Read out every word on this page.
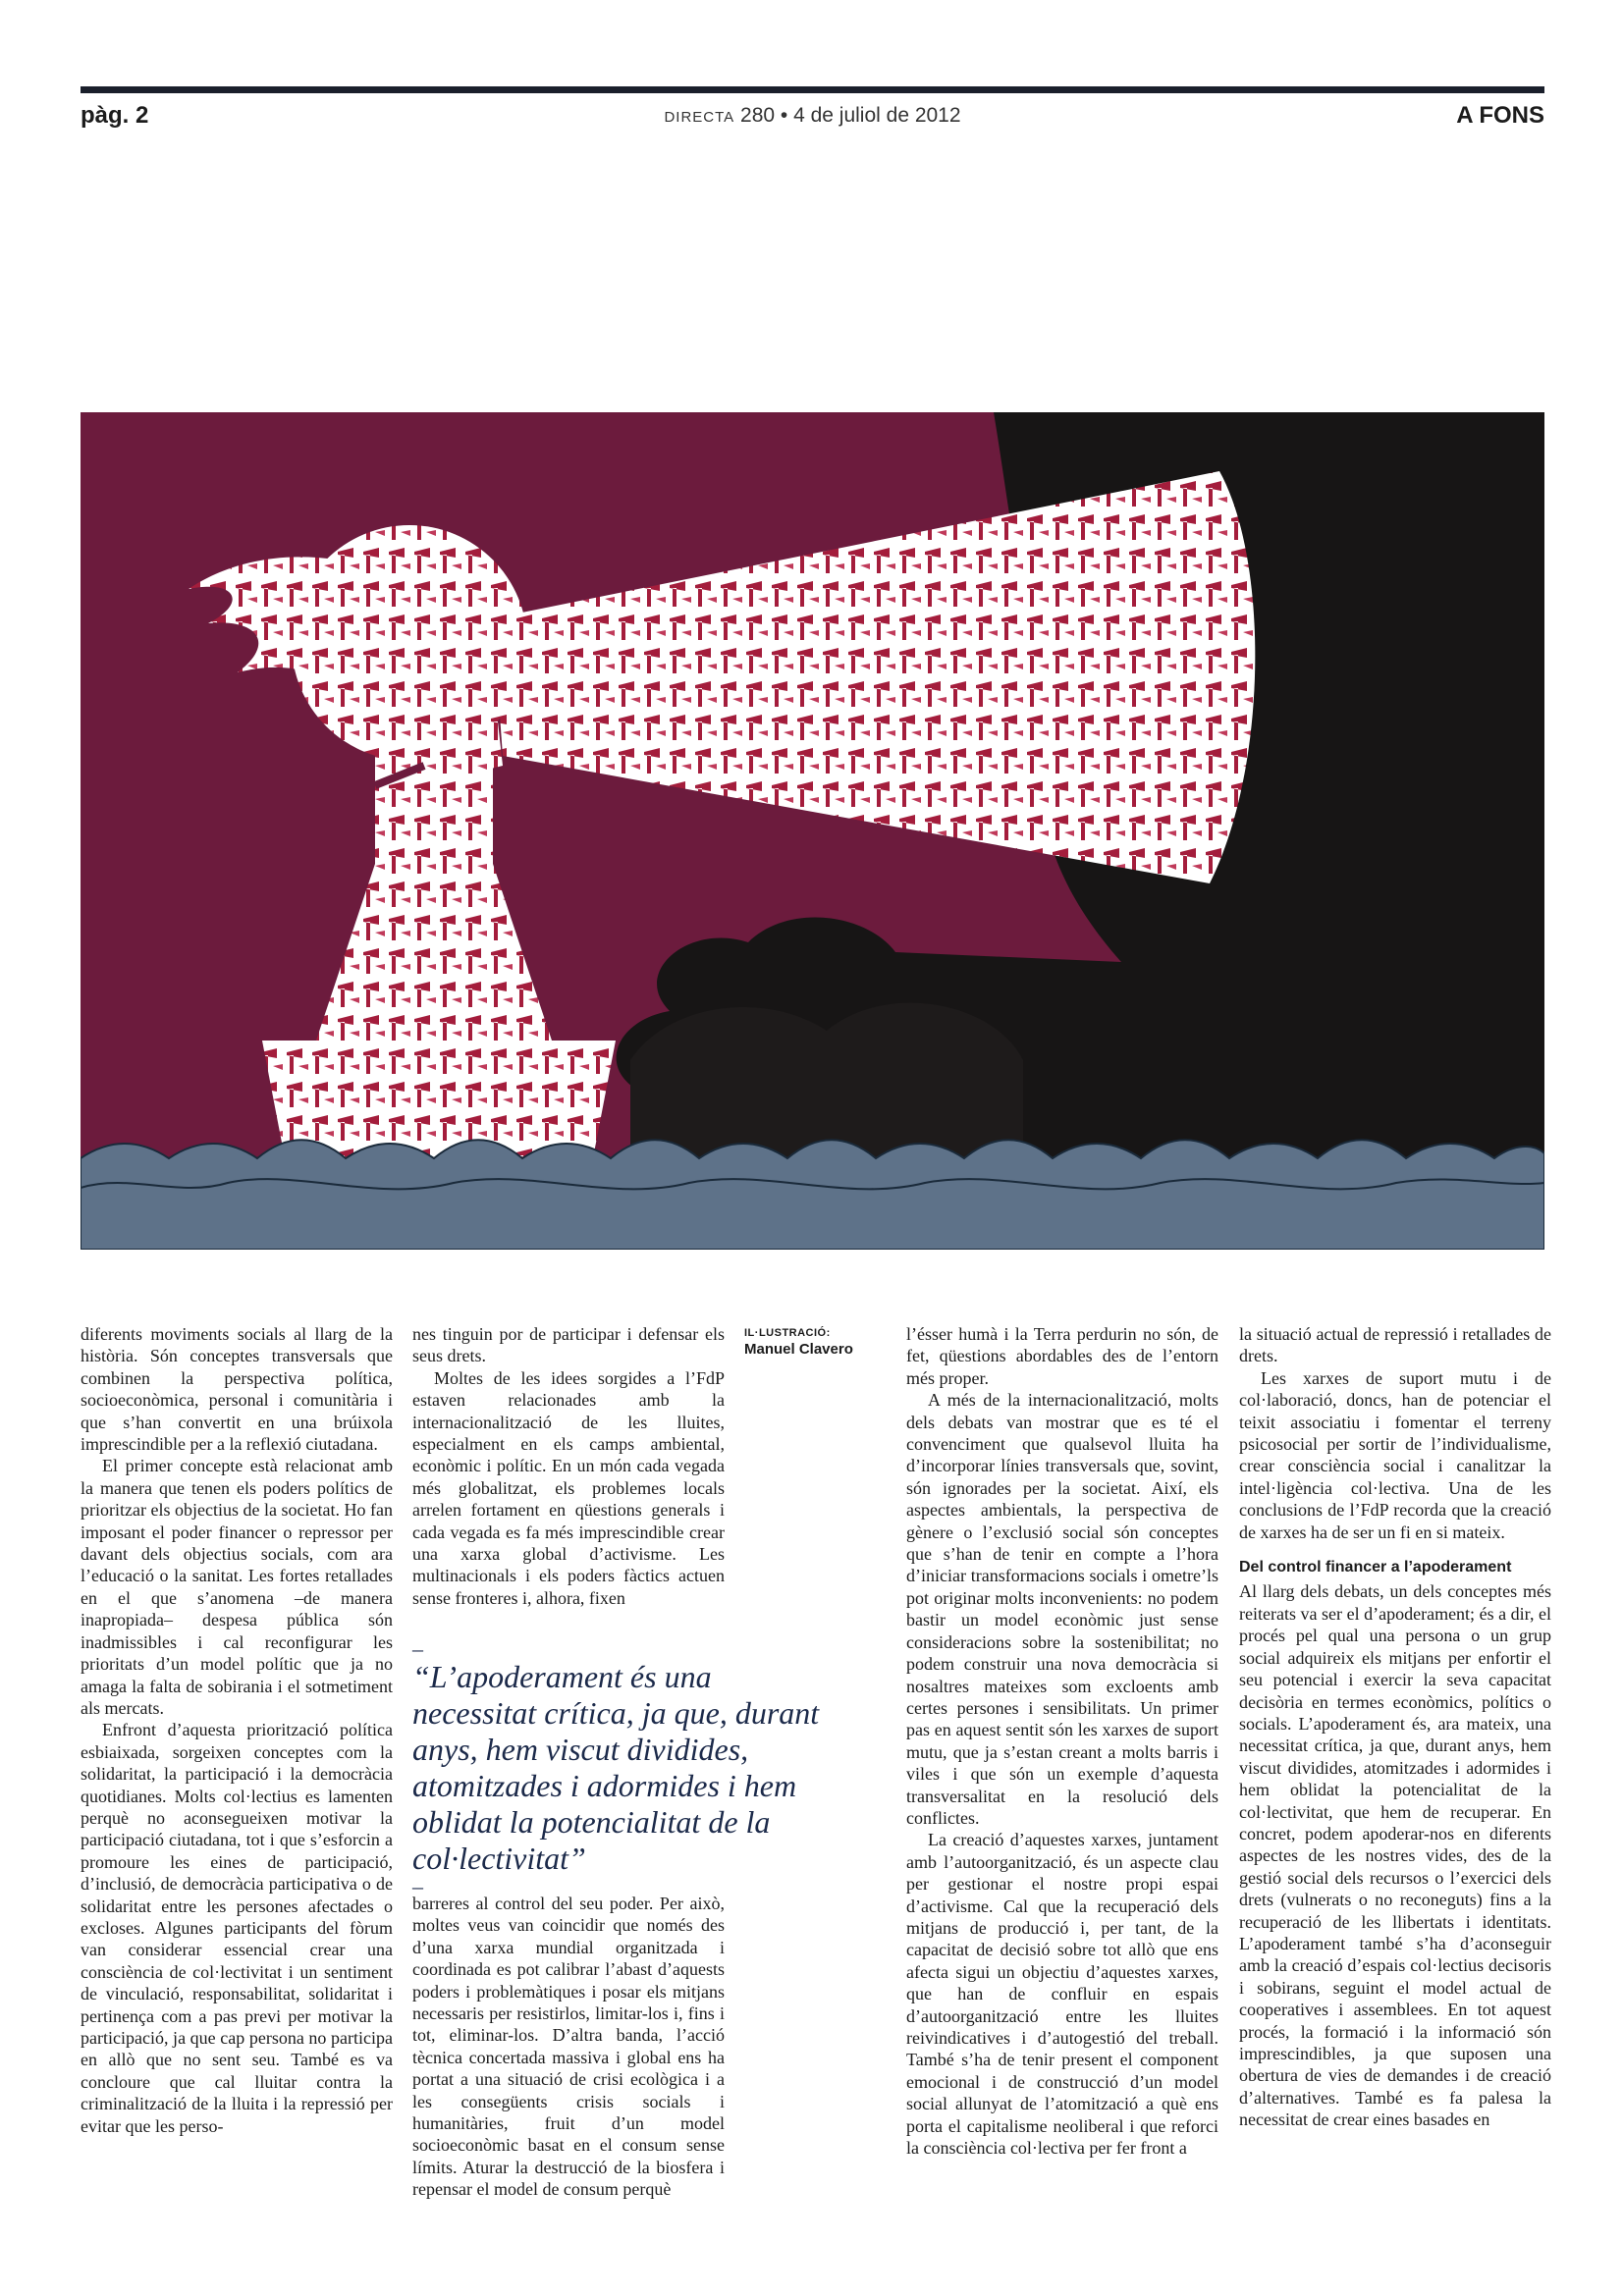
pàg. 2	DIRECTA 280 • 4 de juliol de 2012	A FONS

diferents moviments socials al llarg de la història. Són conceptes transversals que combinen la perspectiva política, socioeconòmica, personal i comunitària i que s’han convertit en una brúixola imprescindible per a la reflexió ciutadana.

El primer concepte està relacionat amb la manera que tenen els poders polítics de prioritzar els objectius de la societat. Ho fan imposant el poder financer o repressor per davant dels objectius socials, com ara l’educació o la sanitat. Les fortes retallades en el que s’anomena –de manera inapropiada– despesa pública són inadmissibles i cal reconfigurar les prioritats d’un model polític que ja no amaga la falta de sobirania i el sotmetiment als mercats.

Enfront d’aquesta priorització política esbiaixada, sorgeixen conceptes com la solidaritat, la participació i la democràcia quotidianes. Molts col·lectius es lamenten perquè no aconsegueixen motivar la participació ciutadana, tot i que s’esforcin a promoure les eines de participació, d’inclusió, de democràcia participativa o de solidaritat entre les persones afectades o excloses. Algunes participants del fòrum van considerar essencial crear una consciència de col·lectivitat i un sentiment de vinculació, responsabilitat, solidaritat i pertinença com a pas previ per motivar la participació, ja que cap persona no participa en allò que no sent seu. També es va concloure que cal lluitar contra la criminalització de la lluita i la repressió per evitar que les perso-

nes tinguin por de participar i defensar els seus drets.

Moltes de les idees sorgides a l’FdP estaven relacionades amb la internacionalització de les lluites, especialment en els camps ambiental, econòmic i polític. En un món cada vegada més globalitzat, els problemes locals arrelen fortament en qüestions generals i cada vegada es fa més imprescindible crear una xarxa global d’activisme. Les multinacionals i els poders fàctics actuen sense fronteres i, alhora, fixen

IL·LUSTRACIÓ:
Manuel Clavero
–
“L’apoderament és una necessitat crítica, ja que, durant anys, hem viscut dividides, atomitzades i adormides i hem oblidat la potencialitat de la col·lectivitat”
–

barreres al control del seu poder. Per això, moltes veus van coincidir que només des d’una xarxa mundial organitzada i coordinada es pot calibrar l’abast d’aquests poders i problemàtiques i posar els mitjans necessaris per resistirlos, limitar-los i, fins i tot, eliminar-los. D’altra banda, l’acció tècnica concertada massiva i global ens ha portat a una situació de crisi ecològica i a les consegüents crisis socials i humanitàries, fruit d’un model socioeconòmic basat en el consum sense límits. Aturar la destrucció de la biosfera i repensar el model de consum perquè

l’ésser humà i la Terra perdurin no són, de fet, qüestions abordables des de l’entorn més proper.

A més de la internacionalització, molts dels debats van mostrar que es té el convenciment que qualsevol lluita ha d’incorporar línies transversals que, sovint, són ignorades per la societat. Així, els aspectes ambientals, la perspectiva de gènere o l’exclusió social són conceptes que s’han de tenir en compte a l’hora d’iniciar transformacions socials i ometre’ls pot originar molts inconvenients: no podem bastir un model econòmic just sense consideracions sobre la sostenibilitat; no podem construir una nova democràcia si nosaltres mateixes som excloents amb certes persones i sensibilitats. Un primer pas en aquest sentit són les xarxes de suport mutu, que ja s’estan creant a molts barris i viles i que són un exemple d’aquesta transversalitat en la resolució dels conflictes.

La creació d’aquestes xarxes, juntament amb l’autoorganització, és un aspecte clau per gestionar el nostre propi espai d’activisme. Cal que la recuperació dels mitjans de producció i, per tant, de la capacitat de decisió sobre tot allò que ens afecta sigui un objectiu d’aquestes xarxes, que han de confluir en espais d’autoorganització entre les lluites reivindicatives i d’autogestió del treball. També s’ha de tenir present el component emocional i de construcció d’un model social allunyat de l’atomització a què ens porta el capitalisme neoliberal i que reforci la consciència col·lectiva per fer front a

la situació actual de repressió i retallades de drets.

Les xarxes de suport mutu i de col·laboració, doncs, han de potenciar el teixit associatiu i fomentar el terreny psicosocial per sortir de l’individualisme, crear consciència social i canalitzar la intel·ligència col·lectiva. Una de les conclusions de l’FdP recorda que la creació de xarxes ha de ser un fi en si mateix.

Del control financer a l’apoderament

Al llarg dels debats, un dels conceptes més reiterats va ser el d’apoderament; és a dir, el procés pel qual una persona o un grup social adquireix els mitjans per enfortir el seu potencial i exercir la seva capacitat decisòria en termes econòmics, polítics o socials. L’apoderament és, ara mateix, una necessitat crítica, ja que, durant anys, hem viscut dividides, atomitzades i adormides i hem oblidat la potencialitat de la col·lectivitat, que hem de recuperar. En concret, podem apoderar-nos en diferents aspectes de les nostres vides, des de la gestió social dels recursos o l’exercici dels drets (vulnerats o no reconeguts) fins a la recuperació de les llibertats i identitats. L’apoderament també s’ha d’aconseguir amb la creació d’espais col·lectius decisoris i sobirans, seguint el model actual de cooperatives i assemblees. En tot aquest procés, la formació i la informació són imprescindibles, ja que suposen una obertura de vies de demandes i de creació d’alternatives. També es fa palesa la necessitat de crear eines basades en
